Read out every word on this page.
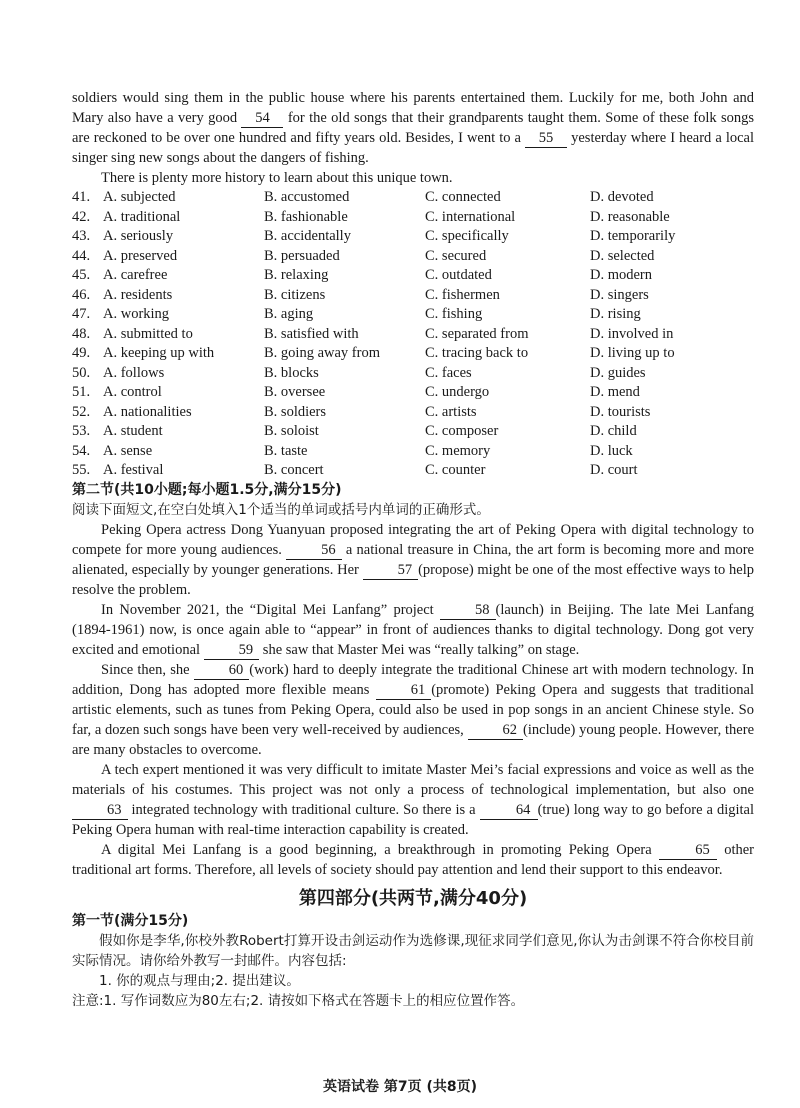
soldiers would sing them in the public house where his parents entertained them. Luckily for me, both John and Mary also have a very good 54 for the old songs that their grandparents taught them. Some of these folk songs are reckoned to be over one hundred and fifty years old. Besides, I went to a 55 yesterday where I heard a local singer sing new songs about the dangers of fishing.

There is plenty more history to learn about this unique town.

41. A. subjected	B. accustomed	C. connected	D. devoted
42. A. traditional	B. fashionable	C. international	D. reasonable
43. A. seriously	B. accidentally	C. specifically	D. temporarily
44. A. preserved	B. persuaded	C. secured	D. selected
45. A. carefree	B. relaxing	C. outdated	D. modern
46. A. residents	B. citizens	C. fishermen	D. singers
47. A. working	B. aging	C. fishing	D. rising
48. A. submitted to	B. satisfied with	C. separated from	D. involved in
49. A. keeping up with	B. going away from	C. tracing back to	D. living up to
50. A. follows	B. blocks	C. faces	D. guides
51. A. control	B. oversee	C. undergo	D. mend
52. A. nationalities	B. soldiers	C. artists	D. tourists
53. A. student	B. soloist	C. composer	D. child
54. A. sense	B. taste	C. memory	D. luck
55. A. festival	B. concert	C. counter	D. court
第二节(共10小题;每小题1.5分,满分15分)
阅读下面短文,在空白处填入1个适当的单词或括号内单词的正确形式。

Peking Opera actress Dong Yuanyuan proposed integrating the art of Peking Opera with digital technology to compete for more young audiences.	56 a national treasure in China, the art form is becoming more and more alienated, especially by younger generations. Her	57 (propose) might be one of the most effective ways to help resolve the problem.

In November 2021, the “Digital Mei Lanfang” project	58 (launch) in Beijing. The late Mei Lanfang (1894-1961) now, is once again able to “appear” in front of audiences thanks to digital technology. Dong got very excited and emotional	59 she saw that Master Mei was “really talking” on stage.

Since then, she	60 (work) hard to deeply integrate the traditional Chinese art with modern technology. In addition, Dong has adopted more flexible means	61 (promote) Peking Opera and suggests that traditional artistic elements, such as tunes from Peking Opera, could also be used in pop songs in an ancient Chinese style. So far, a dozen such songs have been very well-received by audiences,	62 (include) young people. However, there are many obstacles to overcome.

A tech expert mentioned it was very difficult to imitate Master Mei’s facial expressions and voice as well as the materials of his costumes. This project was not only a process of technological implementation, but also one 63 integrated technology with traditional culture. So there is a	64 (true) long way to go before a digital Peking Opera human with real-time interaction capability is created.

A digital Mei Lanfang is a good beginning, a breakthrough in promoting Peking Opera	65 other traditional art forms. Therefore, all levels of society should pay attention and lend their support to this endeavor.

第四部分(共两节,满分40分)
第一节(满分15分)
假如你是李华,你校外教Robert打算开设击剑运动作为选修课,现征求同学们意见,你认为击剑课不符合你校目前实际情况。请你给外教写一封邮件。内容包括:
1. 你的观点与理由;2. 提出建议。
注意:1. 写作词数应为80左右;2. 请按如下格式在答题卡上的相应位置作答。
英语试卷 第7页 (共8页)
